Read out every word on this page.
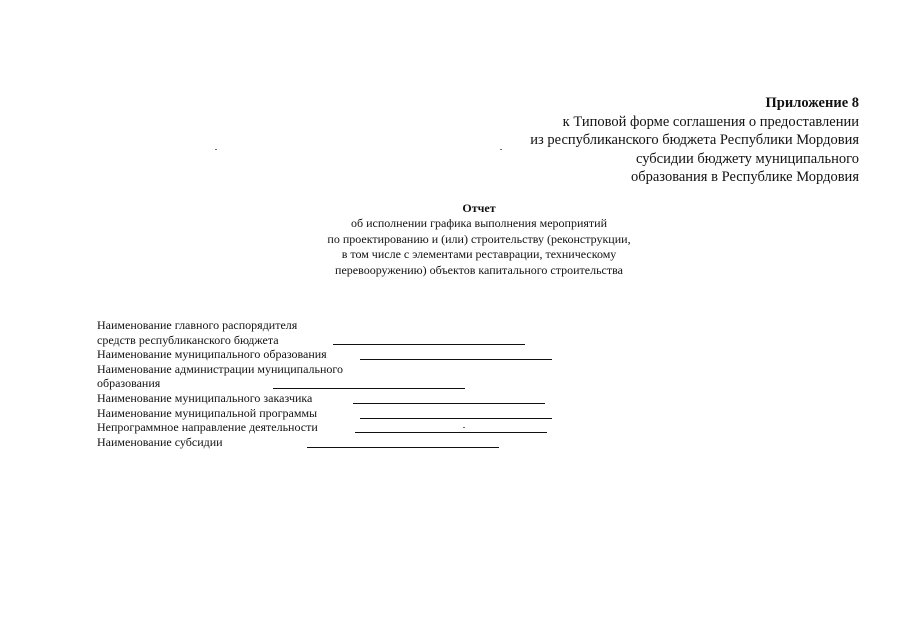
Приложение 8
к Типовой форме соглашения о предоставлении
из республиканского бюджета Республики Мордовия
субсидии бюджету муниципального
образования в Республике Мордовия
Отчет
об исполнении графика выполнения мероприятий
по проектированию и (или) строительству (реконструкции,
в том числе с элементами реставрации, техническому
перевооружению) объектов капитального строительства
Наименование главного распорядителя
средств республиканского бюджета
Наименование муниципального образования
Наименование администрации муниципального
образования
Наименование муниципального заказчика
Наименование муниципальной программы
Непрограммное направление деятельности
Наименование субсидии
